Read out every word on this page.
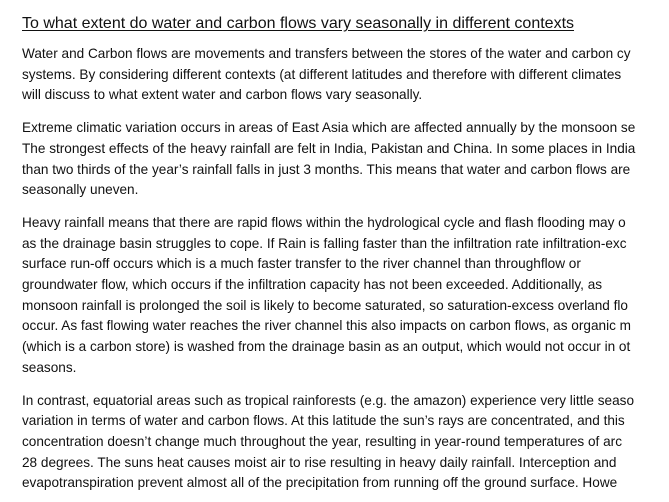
To what extent do water and carbon flows vary seasonally in different contexts
Water and Carbon flows are movements and transfers between the stores of the water and carbon cy
systems. By considering different contexts (at different latitudes and therefore with different climates
will discuss to what extent water and carbon flows vary seasonally.
Extreme climatic variation occurs in areas of East Asia which are affected annually by the monsoon se
The strongest effects of the heavy rainfall are felt in India, Pakistan and China. In some places in India
than two thirds of the year’s rainfall falls in just 3 months. This means that water and carbon flows are
seasonally uneven.
Heavy rainfall means that there are rapid flows within the hydrological cycle and flash flooding may o
as the drainage basin struggles to cope. If Rain is falling faster than the infiltration rate infiltration-exc
surface run-off occurs which is a much faster transfer to the river channel than throughflow or
groundwater flow, which occurs if the infiltration capacity has not been exceeded. Additionally, as
monsoon rainfall is prolonged the soil is likely to become saturated, so saturation-excess overland flo
occur. As fast flowing water reaches the river channel this also impacts on carbon flows, as organic m
(which is a carbon store) is washed from the drainage basin as an output, which would not occur in ot
seasons.
In contrast, equatorial areas such as tropical rainforests (e.g. the amazon) experience very little seaso
variation in terms of water and carbon flows. At this latitude the sun’s rays are concentrated, and this
concentration doesn’t change much throughout the year, resulting in year-round temperatures of arc
28 degrees. The suns heat causes moist air to rise resulting in heavy daily rainfall. Interception and
evapotranspiration prevent almost all of the precipitation from running off the ground surface. Howe
